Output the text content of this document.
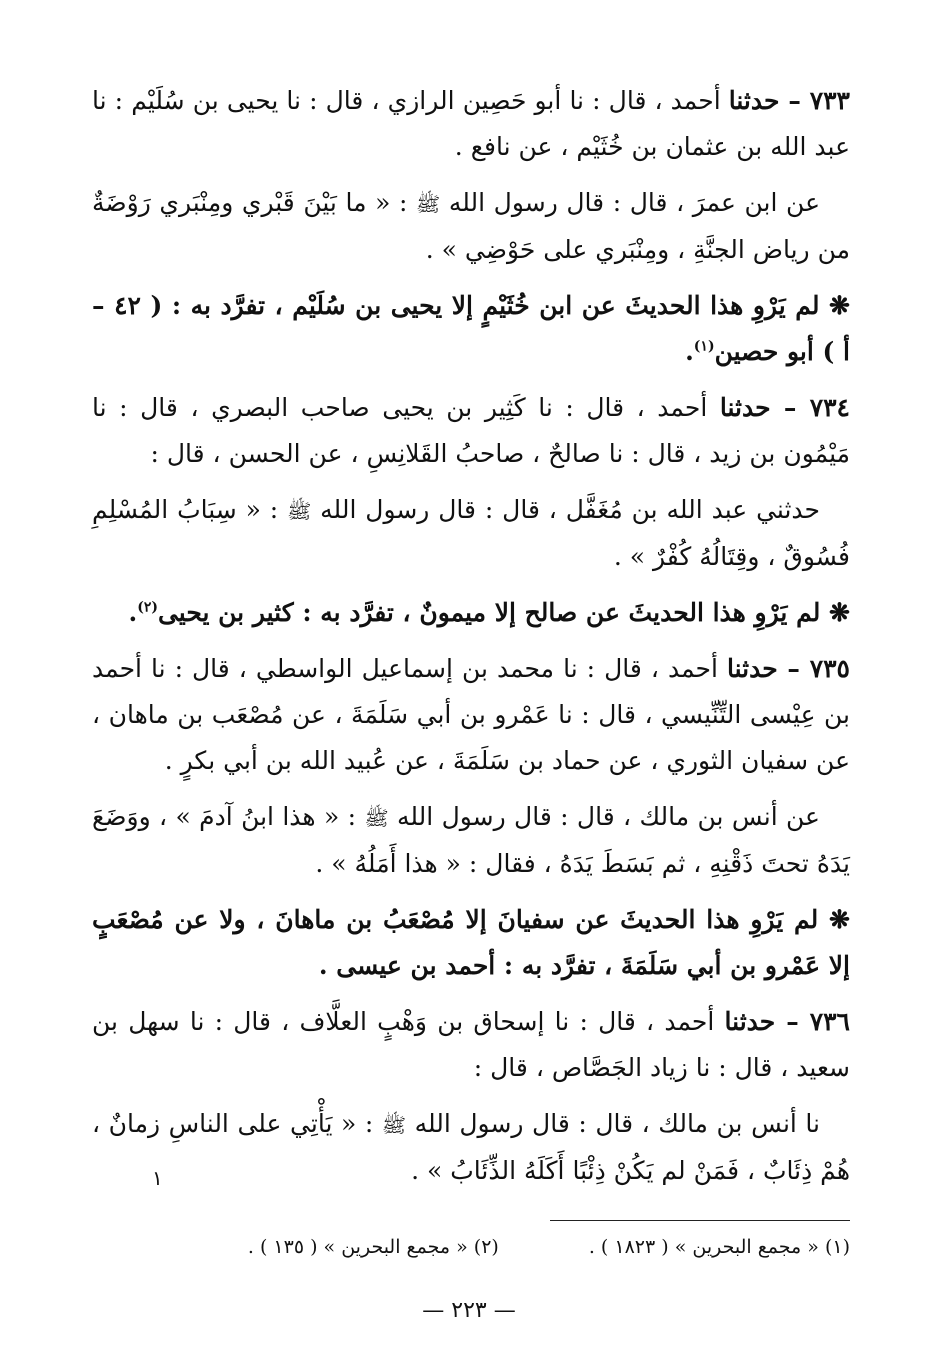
٧٣٣ – حدثنا أحمد ، قال : نا أبو حَصِين الرازي ، قال : نا يحيى بن سُلَيْم : نا عبد الله بن عثمان بن خُثَيْم ، عن نافع .

عن ابن عمرَ ، قال : قال رسول الله ﷺ : « ما بَيْنَ قَبْري ومِنْبَري رَوْضَةٌ من رياض الجنَّةِ ، ومِنْبَري على حَوْضِي » .

❋ لم يَرْوِ هذا الحديثَ عن ابن خُثَيْمٍ إلا يحيى بن سُلَيْم ، تفرَّد به : ( ٤٢ – أ ) أبو حصين$^{(١)}$.

٧٣٤ – حدثنا أحمد ، قال : نا كَثِير بن يحيى صاحب البصري ، قال : نا مَيْمُون بن زيد ، قال : نا صالحٌ ، صاحبُ القَلانِسِ ، عن الحسن ، قال :

حدثني عبد الله بن مُغَفَّل ، قال : قال رسول الله ﷺ : « سِبَابُ المُسْلِمِ فُسُوقٌ ، وقِتَالُهُ كُفْرٌ » .

❋ لم يَرْوِ هذا الحديثَ عن صالح إلا ميمونٌ ، تفرَّد به : كثير بن يحيى$^{(٢)}$.

٧٣٥ – حدثنا أحمد ، قال : نا محمد بن إسماعيل الواسطي ، قال : نا أحمد بن عِيْسى التِّنِّيسي ، قال : نا عَمْرو بن أبي سَلَمَةَ ، عن مُصْعَب بن ماهان ، عن سفيان الثوري ، عن حماد بن سَلَمَةَ ، عن عُبيد الله بن أبي بكرٍ .

عن أنس بن مالك ، قال : قال رسول الله ﷺ : « هذا ابنُ آدمَ » ، ووَضَعَ يَدَهُ تحتَ ذَقْنِهِ ، ثم بَسَطَ يَدَهُ ، فقال : « هذا أَمَلُهُ » .

❋ لم يَرْوِ هذا الحديثَ عن سفيانَ إلا مُصْعَبُ بن ماهانَ ، ولا عن مُصْعَبٍ إلا عَمْرو بن أبي سَلَمَةَ ، تفرَّد به : أحمد بن عيسى .

٧٣٦ – حدثنا أحمد ، قال : نا إسحاق بن وَهْبٍ العلَّاف ، قال : نا سهل بن سعيد ، قال : نا زياد الجَصَّاص ، قال :

نا أنس بن مالك ، قال : قال رسول الله ﷺ : « يَأْتِي على الناسِ زمانٌ ، هُمْ ذِئَابٌ ، فَمَنْ لم يَكُنْ ذِئْبًا أَكَلَهُ الذِّئَابُ » .

١
(١) « مجمع البحرين » ( ١٨٢٣ ) .
(٢) « مجمع البحرين » ( ١٣٥ ) .
— ٢٢٣ —
